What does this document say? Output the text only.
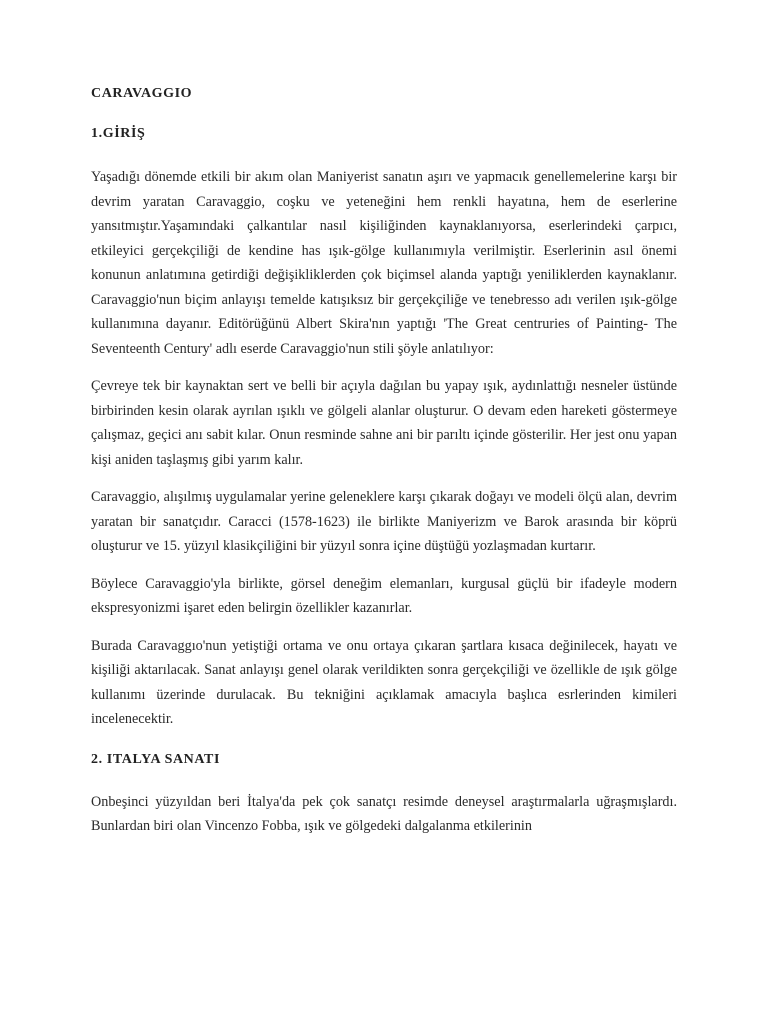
CARAVAGGIO
1.GİRİŞ

Yaşadığı dönemde etkili bir akım olan Maniyerist sanatın aşırı ve yapmacık genellemelerine karşı bir devrim yaratan Caravaggio, coşku ve yeteneğini hem renkli hayatına, hem de eserlerine yansıtmıştır.Yaşamındaki çalkantılar nasıl kişiliğinden kaynaklanıyorsa, eserlerindeki çarpıcı, etkileyici gerçekçiliği de kendine has ışık-gölge kullanımıyla verilmiştir. Eserlerinin asıl önemi konunun anlatımına getirdiği değişikliklerden çok biçimsel alanda yaptığı yeniliklerden kaynaklanır. Caravaggio'nun biçim anlayışı temelde katışıksız bir gerçekçiliğe ve tenebresso adı verilen ışık-gölge kullanımına dayanır. Editörüğünü Albert Skira'nın yaptığı 'The Great centruries of Painting- The Seventeenth Century' adlı eserde Caravaggio'nun stili şöyle anlatılıyor:

Çevreye tek bir kaynaktan sert ve belli bir açıyla dağılan bu yapay ışık, aydınlattığı nesneler üstünde birbirinden kesin olarak ayrılan ışıklı ve gölgeli alanlar oluşturur. O devam eden hareketi göstermeye çalışmaz, geçici anı sabit kılar. Onun resminde sahne ani bir parıltı içinde gösterilir. Her jest onu yapan kişi aniden taşlaşmış gibi yarım kalır.

Caravaggio, alışılmış uygulamalar yerine geleneklere karşı çıkarak doğayı ve modeli ölçü alan, devrim yaratan bir sanatçıdır. Caracci (1578-1623) ile birlikte Maniyerizm ve Barok arasında bir köprü oluşturur ve 15. yüzyıl klasikçiliğini bir yüzyıl sonra içine düştüğü yozlaşmadan kurtarır.

Böylece Caravaggio'yla birlikte, görsel deneğim elemanları, kurgusal güçlü bir ifadeyle modern ekspresyonizmi işaret eden belirgin özellikler kazanırlar.

Burada Caravaggıo'nun yetiştiği ortama ve onu ortaya çıkaran şartlara kısaca değinilecek, hayatı ve kişiliği aktarılacak. Sanat anlayışı genel olarak verildikten sonra gerçekçiliği ve özellikle de ışık gölge kullanımı üzerinde durulacak. Bu tekniğini açıklamak amacıyla başlıca esrlerinden kimileri incelenecektir.

2. ITALYA SANATI

Onbeşinci yüzyıldan beri İtalya'da pek çok sanatçı resimde deneysel araştırmalarla uğraşmışlardı. Bunlardan biri olan Vincenzo Fobba, ışık ve gölgedeki dalgalanma etkilerinin
